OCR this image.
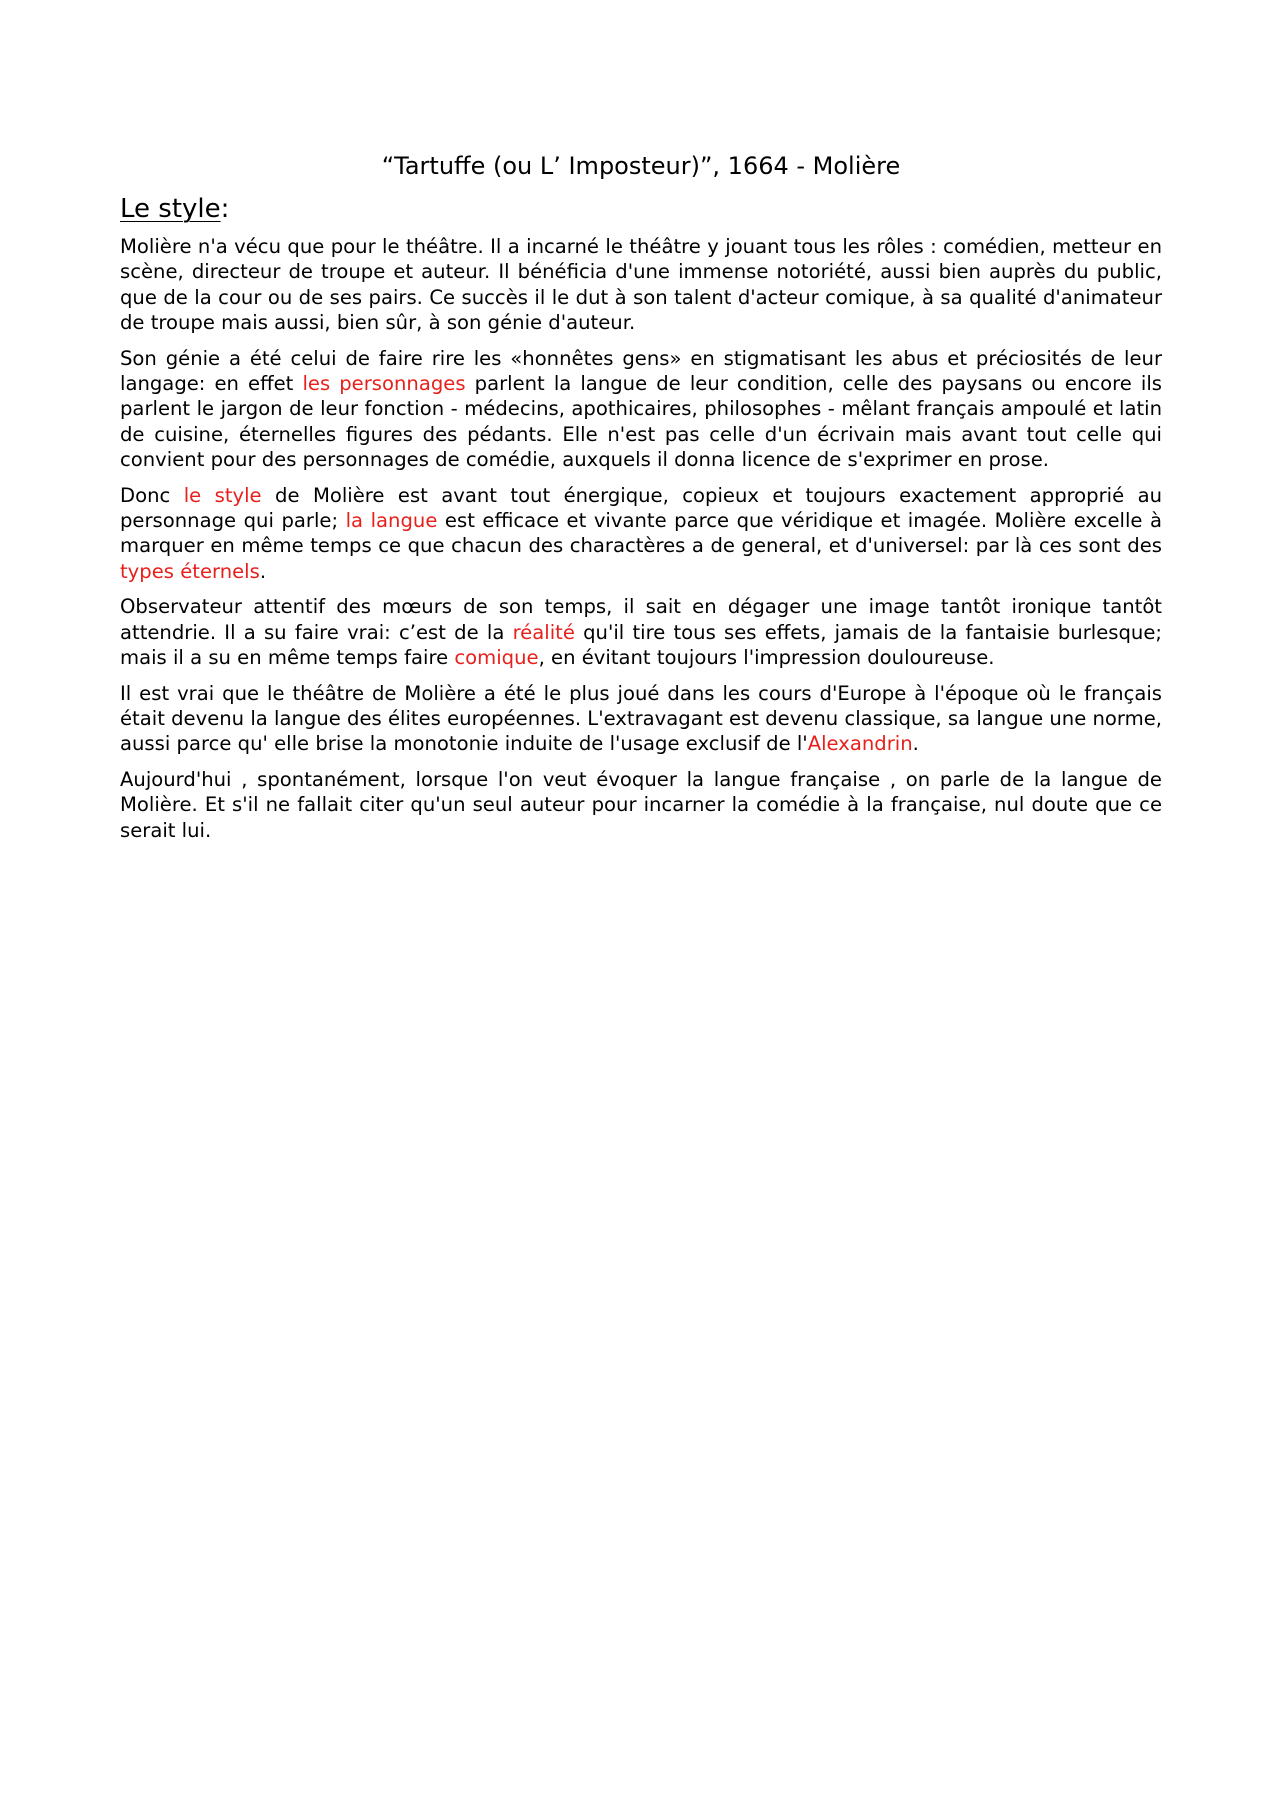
“Tartuffe (ou L’ Imposteur)”, 1664 - Molière
Le style:

Molière n'a vécu que pour le théâtre. Il a incarné le théâtre y jouant tous les rôles : comédien, metteur en scène, directeur de troupe et auteur. Il bénéficia d'une immense notoriété, aussi bien auprès du public, que de la cour ou de ses pairs. Ce succès il le dut à son talent d'acteur comique, à sa qualité d'animateur de troupe mais aussi, bien sûr, à son génie d'auteur.

Son génie a été celui de faire rire les «honnêtes gens» en stigmatisant les abus et préciosités de leur langage: en effet les personnages parlent la langue de leur condition, celle des paysans ou encore ils parlent le jargon de leur fonction - médecins, apothicaires, philosophes - mêlant français ampoulé et latin de cuisine, éternelles figures des pédants. Elle n'est pas celle d'un écrivain mais avant tout celle qui convient pour des personnages de comédie, auxquels il donna licence de s'exprimer en prose.

Donc le style de Molière est avant tout énergique, copieux et toujours exactement approprié au personnage qui parle; la langue est efficace et vivante parce que véridique et imagée. Molière excelle à marquer en même temps ce que chacun des charactères a de general, et d'universel: par là ces sont des types éternels.

Observateur attentif des mœurs de son temps, il sait en dégager une image tantôt ironique tantôt attendrie. Il a su faire vrai: c’est de la réalité qu'il tire tous ses effets, jamais de la fantaisie burlesque; mais il a su en même temps faire comique, en évitant toujours l'impression douloureuse.

Il est vrai que le théâtre de Molière a été le plus joué dans les cours d'Europe à l'époque où le français était devenu la langue des élites européennes. L'extravagant est devenu classique, sa langue une norme, aussi parce qu' elle brise la monotonie induite de l'usage exclusif de l'Alexandrin.

Aujourd'hui , spontanément, lorsque l'on veut évoquer la langue française , on parle de la langue de Molière. Et s'il ne fallait citer qu'un seul auteur pour incarner la comédie à la française, nul doute que ce serait lui.
